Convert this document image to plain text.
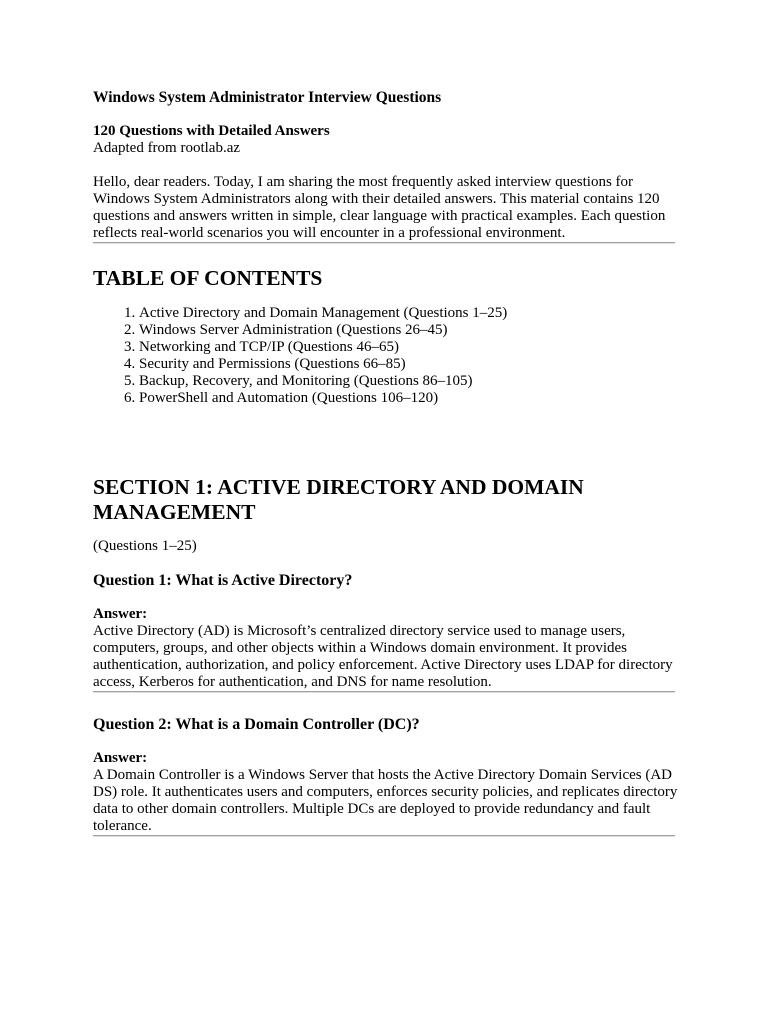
Windows System Administrator Interview Questions

120 Questions with Detailed Answers

Adapted from rootlab.az

Hello, dear readers. Today, I am sharing the most frequently asked interview questions for Windows System Administrators along with their detailed answers. This material contains 120 questions and answers written in simple, clear language with practical examples. Each question reflects real-world scenarios you will encounter in a professional environment.

TABLE OF CONTENTS
1. Active Directory and Domain Management (Questions 1–25)
2. Windows Server Administration (Questions 26–45)
3. Networking and TCP/IP (Questions 46–65)
4. Security and Permissions (Questions 66–85)
5. Backup, Recovery, and Monitoring (Questions 86–105)
6. PowerShell and Automation (Questions 106–120)
SECTION 1: ACTIVE DIRECTORY AND DOMAIN MANAGEMENT

(Questions 1–25)

Question 1: What is Active Directory?

Answer:

Active Directory (AD) is Microsoft’s centralized directory service used to manage users, computers, groups, and other objects within a Windows domain environment. It provides authentication, authorization, and policy enforcement. Active Directory uses LDAP for directory access, Kerberos for authentication, and DNS for name resolution.

Question 2: What is a Domain Controller (DC)?

Answer:

A Domain Controller is a Windows Server that hosts the Active Directory Domain Services (AD DS) role. It authenticates users and computers, enforces security policies, and replicates directory data to other domain controllers. Multiple DCs are deployed to provide redundancy and fault tolerance.
